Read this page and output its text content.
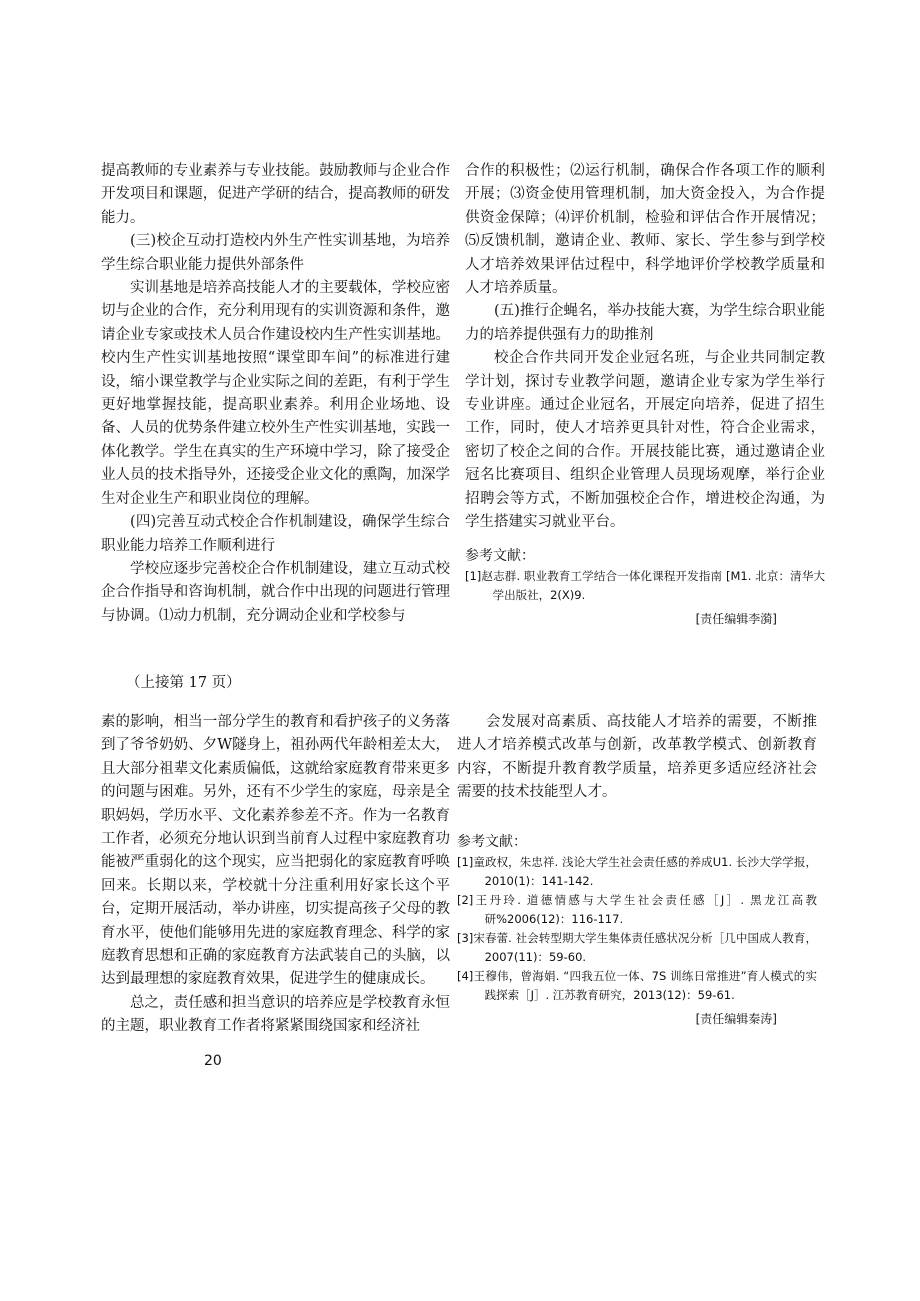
提高教师的专业素养与专业技能。鼓励教师与企业合作开发项目和课题，促进产学研的结合，提高教师的研发能力。

(三)校企互动打造校内外生产性实训基地，为培养学生综合职业能力提供外部条件

实训基地是培养高技能人才的主要载体，学校应密切与企业的合作，充分利用现有的实训资源和条件，邀请企业专家或技术人员合作建设校内生产性实训基地。校内生产性实训基地按照“课堂即车间”的标准进行建设，缩小课堂教学与企业实际之间的差距，有利于学生更好地掌握技能，提高职业素养。利用企业场地、设备、人员的优势条件建立校外生产性实训基地，实践一体化教学。学生在真实的生产环境中学习，除了接受企业人员的技术指导外，还接受企业文化的熏陶，加深学生对企业生产和职业岗位的理解。

(四)完善互动式校企合作机制建设，确保学生综合职业能力培养工作顺利进行

学校应逐步完善校企合作机制建设，建立互动式校企合作指导和咨询机制，就合作中出现的问题进行管理与协调。⑴动力机制，充分调动企业和学校参与

合作的积极性；⑵运行机制，确保合作各项工作的顺利开展；⑶资金使用管理机制，加大资金投入，为合作提供资金保障；⑷评价机制，检验和评估合作开展情况；⑸反馈机制，邀请企业、教师、家长、学生参与到学校人才培养效果评估过程中，科学地评价学校教学质量和人才培养质量。

(五)推行企蝇名，举办技能大赛，为学生综合职业能力的培养提供强有力的助推剂

校企合作共同开发企业冠名班，与企业共同制定教学计划，探讨专业教学问题，邀请企业专家为学生举行专业讲座。通过企业冠名，开展定向培养，促进了招生工作，同时，使人才培养更具针对性，符合企业需求，密切了校企之间的合作。开展技能比赛，通过邀请企业冠名比赛项目、组织企业管理人员现场观摩，举行企业招聘会等方式，不断加强校企合作，增进校企沟通，为学生搭建实习就业平台。

参考文献：
[1]赵志群. 职业教育工学结合一体化课程开发指南 [M1. 北京：清华大学出版社，2(X)9.
[责任编辑李漪]
（上接第 17 页）

素的影响，相当一部分学生的教育和看护孩子的义务落到了爷爷奶奶、夕W隧身上，祖孙两代年龄相差太大，且大部分祖辈文化素质偏低，这就给家庭教育带来更多的问题与困难。另外，还有不少学生的家庭，母亲是全职妈妈，学历水平、文化素养参差不齐。作为一名教育工作者，必须充分地认识到当前育人过程中家庭教育功能被严重弱化的这个现实，应当把弱化的家庭教育呼唤回来。长期以来，学校就十分注重利用好家长这个平台，定期开展活动，举办讲座，切实提高孩子父母的教育水平，使他们能够用先进的家庭教育理念、科学的家庭教育思想和正确的家庭教育方法武装自己的头脑，以达到最理想的家庭教育效果，促进学生的健康成长。

总之，责任感和担当意识的培养应是学校教育永恒的主题，职业教育工作者将紧紧围绕国家和经济社

会发展对高素质、高技能人才培养的需要，不断推进人才培养模式改革与创新，改革教学模式、创新教育内容，不断提升教育教学质量，培养更多适应经济社会需要的技术技能型人才。

参考文献：
[1]童政权，朱忠祥. 浅论大学生社会责任感的养成U1. 长沙大学学报，2010(1)：141-142.
[2]王丹玲. 道德情感与大学生社会责任感［J］. 黑龙江高教研%2006(12)：116-117.
[3]宋春蕾. 社会转型期大学生集体责任感状况分析［几中国成人教育，2007(11)：59-60.
[4]王穆伟，曾海娟. “四我五位一体、7S 训练日常推进”育人模式的实践探索［J］. 江苏教育研究，2013(12)：59-61.
[责任编辑秦涛]
20
